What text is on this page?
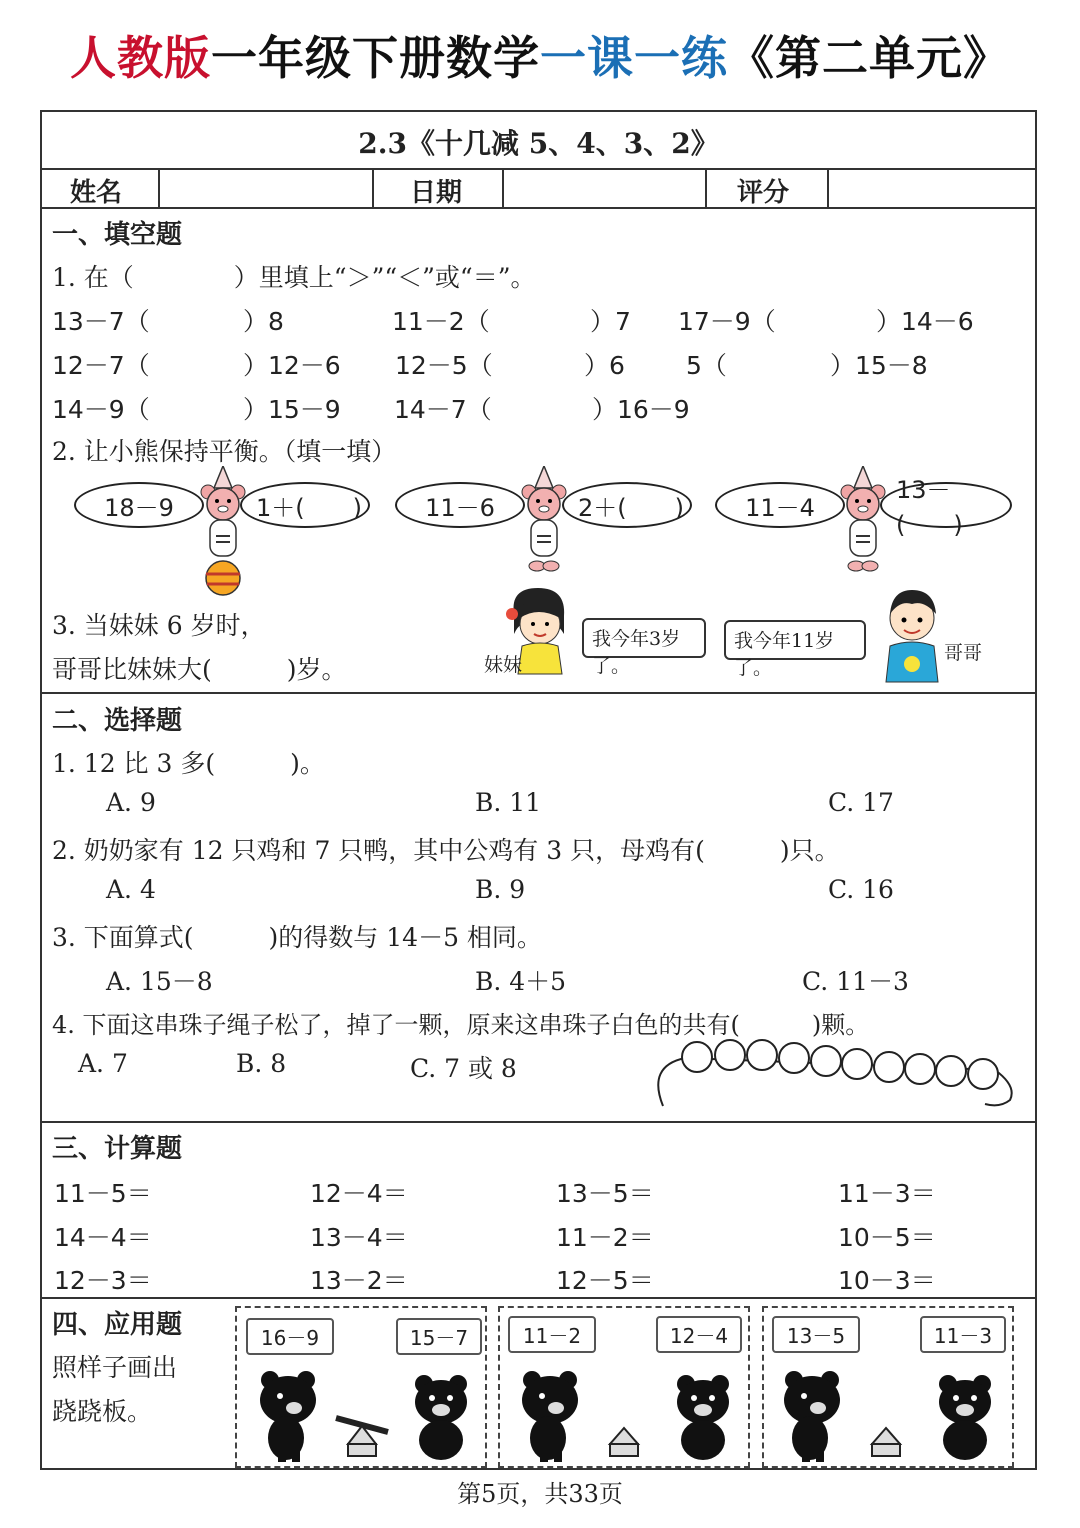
人教版一年级下册数学一课一练《第二单元》
2.3《十几减 5、4、3、2》
姓名	日期	评分
一、填空题
1. 在（　　　　）里填上“＞”“＜”或“＝”。
13－7（	）8	11－2（	）7 17－9（	）14－6
12－7（	）12－6 12－5（	）6 5（	）15－8
14－9（	）15－9 14－7（	）16－9
2. 让小熊保持平衡。（填一填）
18－9	1＋(　　)	11－6	2＋(　　)	11－4
13－(　　)
3. 当妹妹 6 岁时，
哥哥比妹妹大(　　　)岁。	妹妹
我今年3岁了。
我今年11岁了。
哥哥
二、选择题
1. 12 比 3 多(　　　)。
A. 9	B. 11	C. 17
2. 奶奶家有 12 只鸡和 7 只鸭，其中公鸡有 3 只，母鸡有(　　　)只。
A. 4	B. 9	C. 16
3. 下面算式(　　　)的得数与 14－5 相同。
A. 15－8	B. 4＋5	C. 11－3
4. 下面这串珠子绳子松了，掉了一颗，原来这串珠子白色的共有(　　　)颗。
A. 7	B. 8	C. 7 或 8
三、计算题
11－5＝	12－4＝	13－5＝	11－3＝
14－4＝	13－4＝	11－2＝	10－5＝
12－3＝	13－2＝	12－5＝	10－3＝
四、应用题
照样子画出
跷跷板。
16－9	15－7	11－2	12－4	13－5	11－3
第5页，共33页
